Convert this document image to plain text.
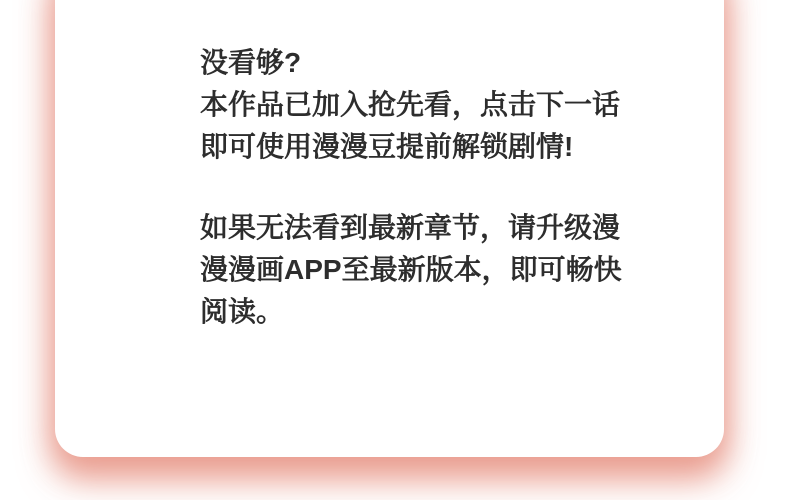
没看够?
本作品已加入抢先看，点击下一话
即可使用漫漫豆提前解锁剧情!

如果无法看到最新章节，请升级漫
漫漫画APP至最新版本，即可畅快
阅读。
